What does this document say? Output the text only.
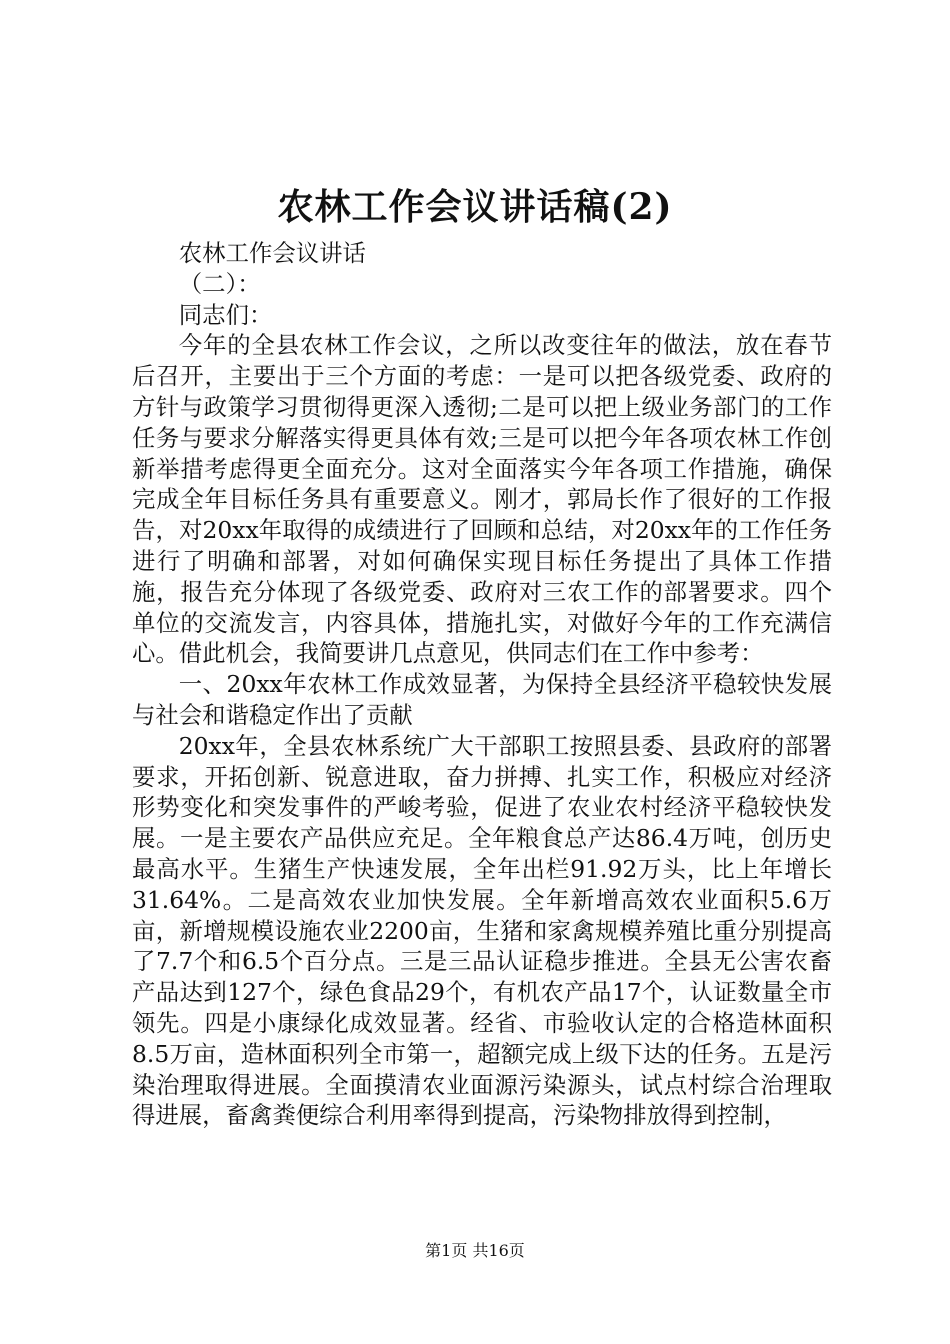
农林工作会议讲话稿(2)

农林工作会议讲话

（二）：

同志们：

今年的全县农林工作会议，之所以改变往年的做法，放在春节后召开，主要出于三个方面的考虑：一是可以把各级党委、政府的方针与政策学习贯彻得更深入透彻;二是可以把上级业务部门的工作任务与要求分解落实得更具体有效;三是可以把今年各项农林工作创新举措考虑得更全面充分。这对全面落实今年各项工作措施，确保完成全年目标任务具有重要意义。刚才，郭局长作了很好的工作报告，对20xx年取得的成绩进行了回顾和总结，对20xx年的工作任务进行了明确和部署，对如何确保实现目标任务提出了具体工作措施，报告充分体现了各级党委、政府对三农工作的部署要求。四个单位的交流发言，内容具体，措施扎实，对做好今年的工作充满信心。借此机会，我简要讲几点意见，供同志们在工作中参考：

一、20xx年农林工作成效显著，为保持全县经济平稳较快发展与社会和谐稳定作出了贡献

20xx年，全县农林系统广大干部职工按照县委、县政府的部署要求，开拓创新、锐意进取，奋力拼搏、扎实工作，积极应对经济形势变化和突发事件的严峻考验，促进了农业农村经济平稳较快发展。一是主要农产品供应充足。全年粮食总产达86.4万吨，创历史最高水平。生猪生产快速发展，全年出栏91.92万头，比上年增长31.64%。二是高效农业加快发展。全年新增高效农业面积5.6万亩，新增规模设施农业2200亩，生猪和家禽规模养殖比重分别提高了7.7个和6.5个百分点。三是三品认证稳步推进。全县无公害农畜产品达到127个，绿色食品29个，有机农产品17个，认证数量全市领先。四是小康绿化成效显著。经省、市验收认定的合格造林面积8.5万亩，造林面积列全市第一，超额完成上级下达的任务。五是污染治理取得进展。全面摸清农业面源污染源头，试点村综合治理取得进展，畜禽粪便综合利用率得到提高，污染物排放得到控制，

第1页 共16页
